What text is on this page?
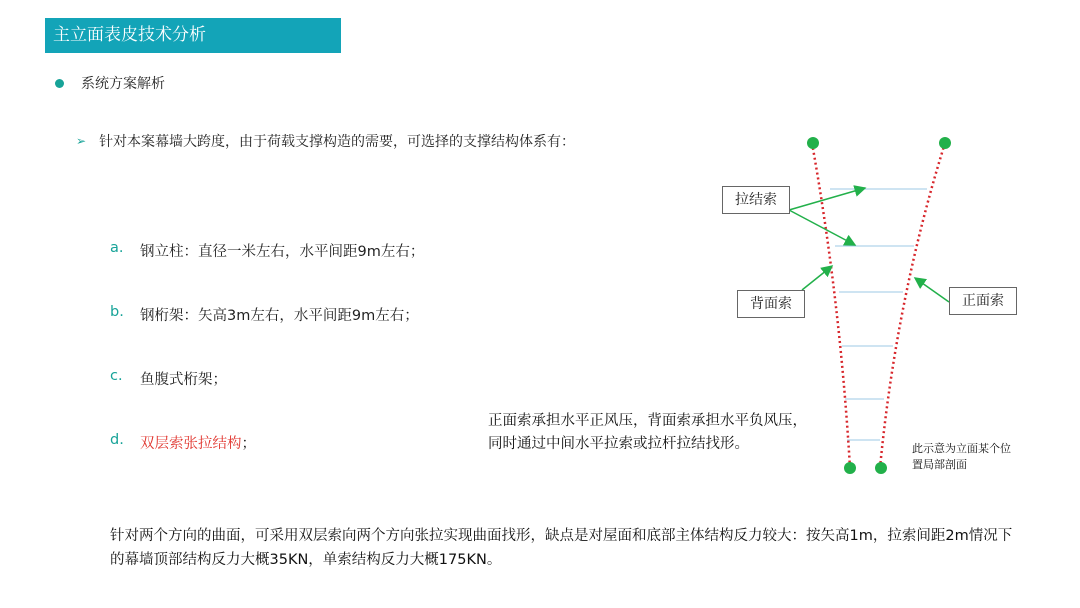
主立面表皮技术分析
系统方案解析
➢ 针对本案幕墙大跨度，由于荷载支撑构造的需要，可选择的支撑结构体系有：
a.	钢立柱：直径一米左右，水平间距9m左右；
b.	钢桁架：矢高3m左右，水平间距9m左右；
c.	鱼腹式桁架；
d.	双层索张拉结构 ；
拉结索
背面索	正面索
正面索承担水平正风压，背面索承担水平负风压，同时通过中间水平拉索或拉杆拉结找形。	此示意为立面某个位置局部剖面
针对两个方向的曲面，可采用双层索向两个方向张拉实现曲面找形，缺点是对屋面和底部主体结构反力较大：按矢高1m，拉索间距2m情况下的幕墙顶部结构反力大概35KN，单索结构反力大概175KN。
